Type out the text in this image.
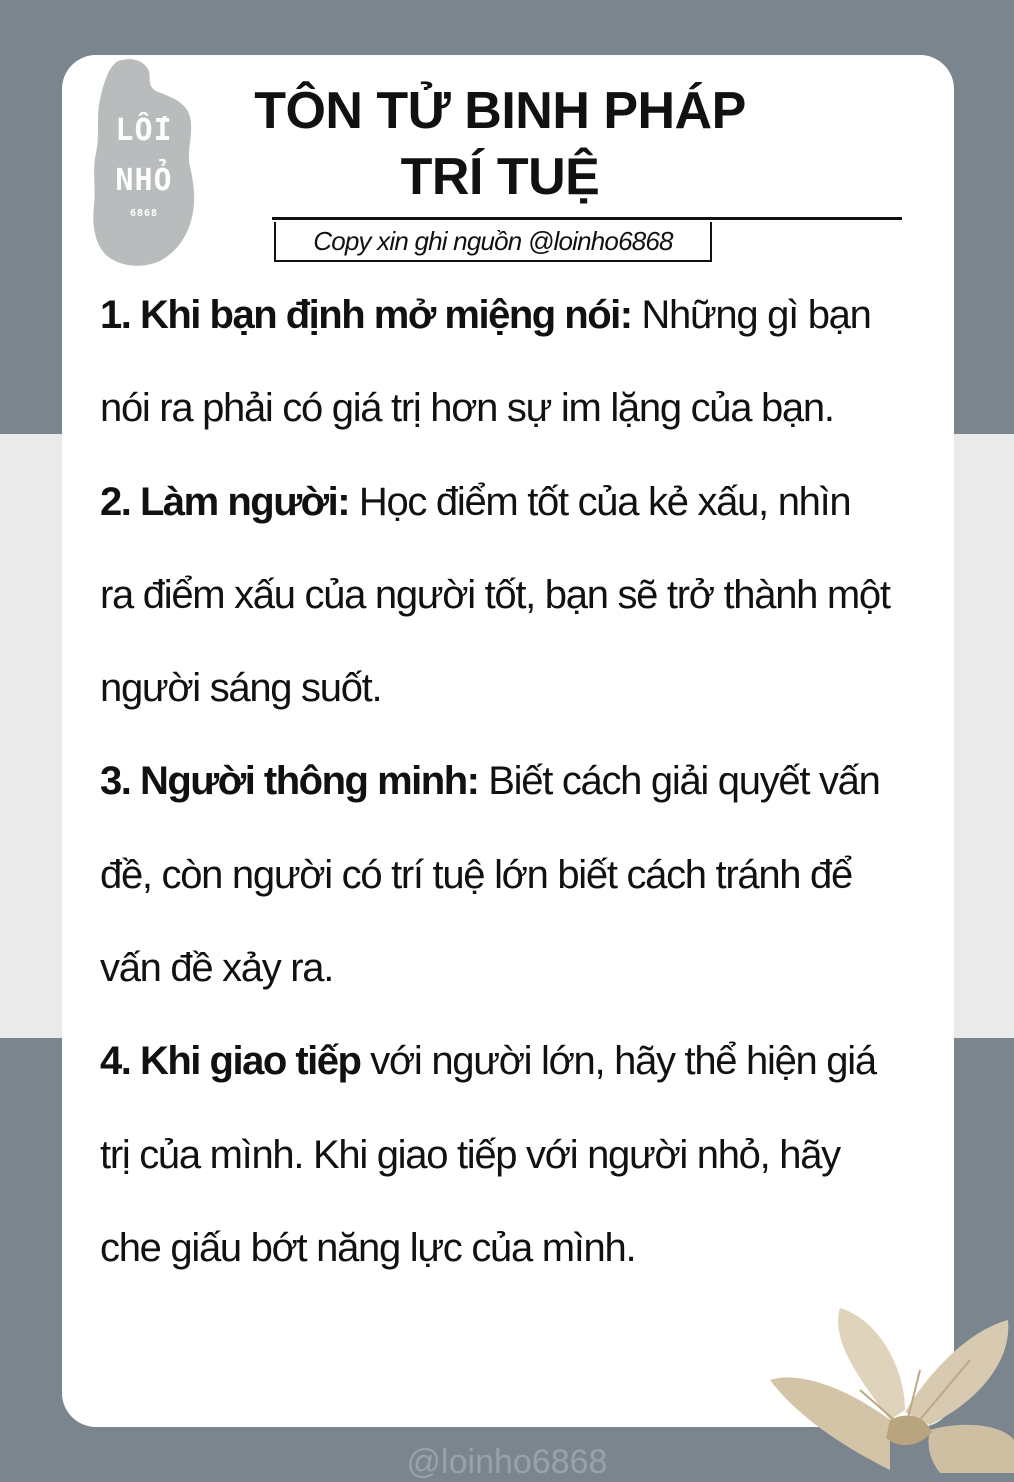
LỐI
NHỎ
6868
TÔN TỬ BINH PHÁP
TRÍ TUỆ
Copy xin ghi nguồn @loinho6868

1. Khi bạn định mở miệng nói: Những gì bạn nói ra phải có giá trị hơn sự im lặng của bạn.

2. Làm người: Học điểm tốt của kẻ xấu, nhìn ra điểm xấu của người tốt, bạn sẽ trở thành một người sáng suốt.

3. Người thông minh: Biết cách giải quyết vấn đề, còn người có trí tuệ lớn biết cách tránh để vấn đề xảy ra.

4. Khi giao tiếp với người lớn, hãy thể hiện giá trị của mình. Khi giao tiếp với người nhỏ, hãy che giấu bớt năng lực của mình.

@loinho6868
